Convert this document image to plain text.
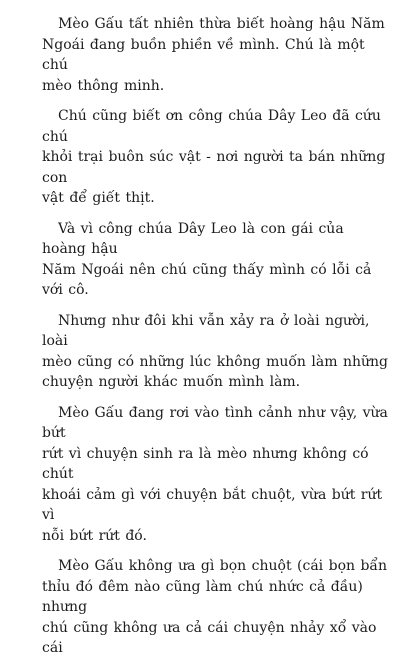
Mèo Gấu tất nhiên thừa biết hoàng hậu Năm
Ngoái đang buồn phiền về mình. Chú là một chú
mèo thông minh.

Chú cũng biết ơn công chúa Dây Leo đã cứu chú
khỏi trại buôn súc vật - nơi người ta bán những con
vật để giết thịt.

Và vì công chúa Dây Leo là con gái của hoàng hậu
Năm Ngoái nên chú cũng thấy mình có lỗi cả với cô.

Nhưng như đôi khi vẫn xảy ra ở loài người, loài
mèo cũng có những lúc không muốn làm những
chuyện người khác muốn mình làm.

Mèo Gấu đang rơi vào tình cảnh như vậy, vừa bứt
rứt vì chuyện sinh ra là mèo nhưng không có chút
khoái cảm gì với chuyện bắt chuột, vừa bứt rứt vì
nỗi bứt rứt đó.

Mèo Gấu không ưa gì bọn chuột (cái bọn bẩn
thỉu đó đêm nào cũng làm chú nhức cả đầu) nhưng
chú cũng không ưa cả cái chuyện nhảy xổ vào cái
